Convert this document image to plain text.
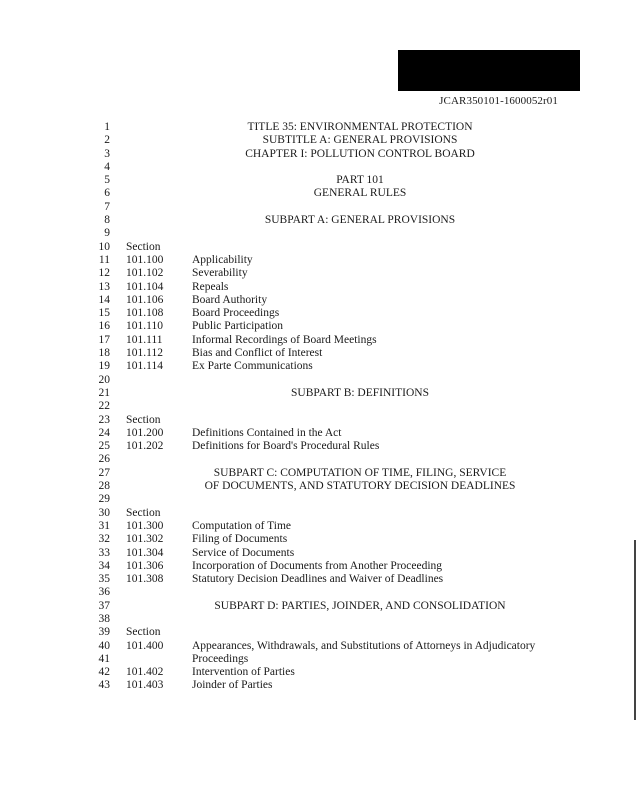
JCAR350101-1600052r01
1	TITLE 35: ENVIRONMENTAL PROTECTION
2	SUBTITLE A: GENERAL PROVISIONS
3	CHAPTER I: POLLUTION CONTROL BOARD
4
5	PART 101
6	GENERAL RULES
7
8	SUBPART A: GENERAL PROVISIONS
9
10 Section
11 101.100 Applicability
12 101.102 Severability
13 101.104 Repeals
14 101.106 Board Authority
15 101.108 Board Proceedings
16 101.110	Public Participation
17 101.111	Informal Recordings of Board Meetings
18 101.112	Bias and Conflict of Interest
19 101.114	Ex Parte Communications
20
21	SUBPART B: DEFINITIONS
22
23 Section
24 101.200 Definitions Contained in the Act
25 101.202 Definitions for Board's Procedural Rules
26
27	SUBPART C: COMPUTATION OF TIME, FILING, SERVICE
28	OF DOCUMENTS, AND STATUTORY DECISION DEADLINES
29
30 Section
31 101.300 Computation of Time
32 101.302 Filing of Documents
33 101.304 Service of Documents
34 101.306 Incorporation of Documents from Another Proceeding
35 101.308 Statutory Decision Deadlines and Waiver of Deadlines
36
37	SUBPART D: PARTIES, JOINDER, AND CONSOLIDATION
38
39 Section
40 101.400 Appearances, Withdrawals, and Substitutions of Attorneys in Adjudicatory
41	Proceedings
42 101.402 Intervention of Parties
43 101.403 Joinder of Parties
